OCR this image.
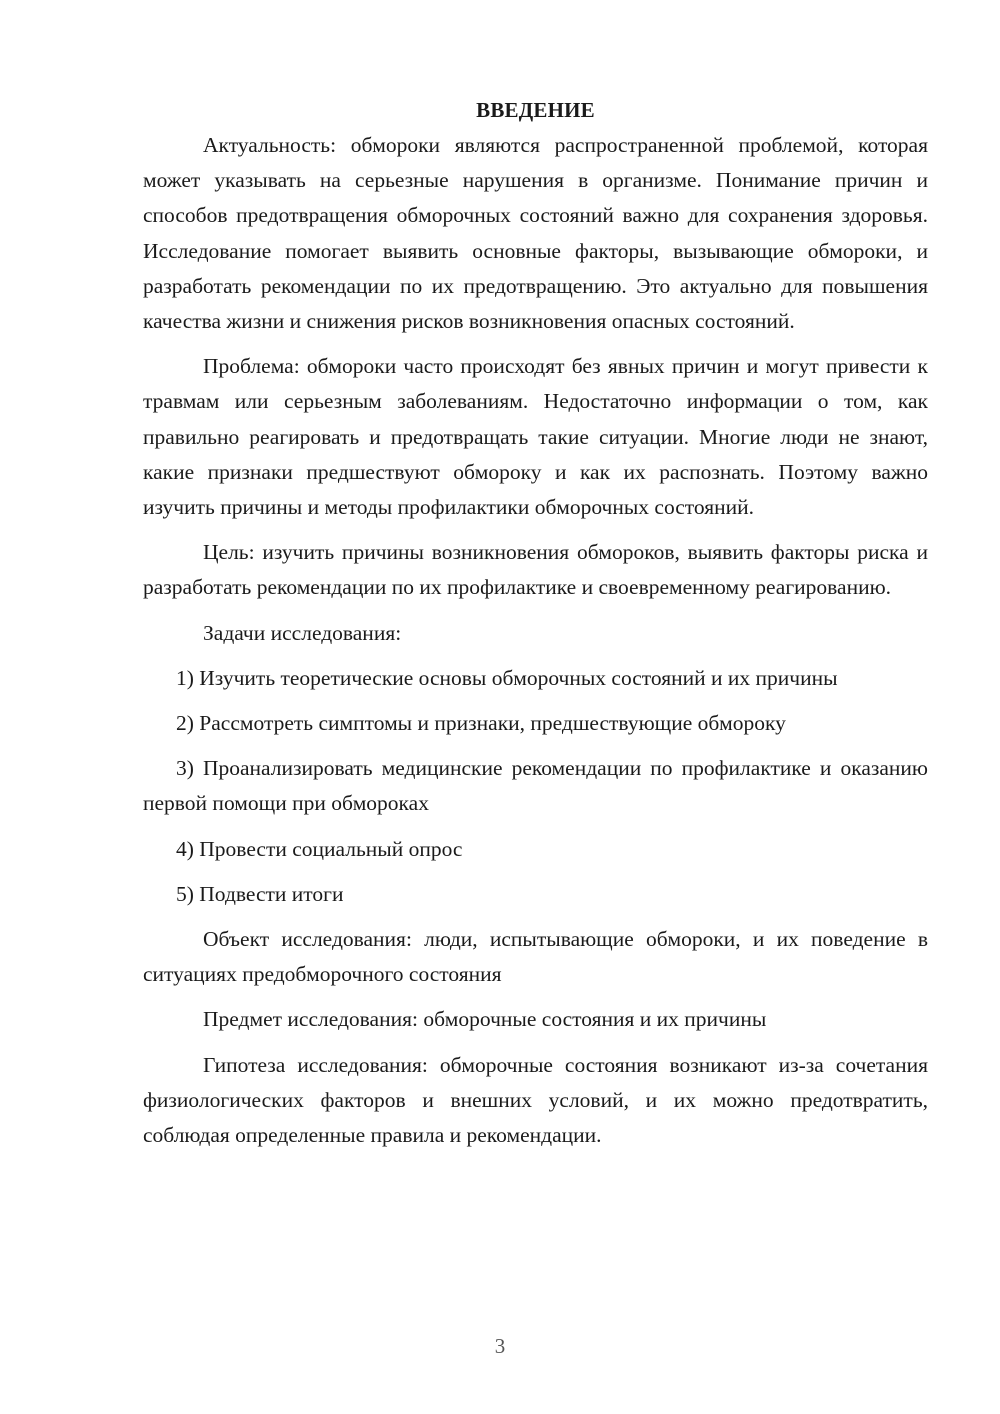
ВВЕДЕНИЕ

Актуальность: обмороки являются распространенной проблемой, которая может указывать на серьезные нарушения в организме. Понимание причин и способов предотвращения обморочных состояний важно для сохранения здоровья. Исследование помогает выявить основные факторы, вызывающие обмороки, и разработать рекомендации по их предотвращению. Это актуально для повышения качества жизни и снижения рисков возникновения опасных состояний.

Проблема: обмороки часто происходят без явных причин и могут привести к травмам или серьезным заболеваниям. Недостаточно информации о том, как правильно реагировать и предотвращать такие ситуации. Многие люди не знают, какие признаки предшествуют обмороку и как их распознать. Поэтому важно изучить причины и методы профилактики обморочных состояний.

Цель: изучить причины возникновения обмороков, выявить факторы риска и разработать рекомендации по их профилактике и своевременному реагированию.

Задачи исследования:

1) Изучить теоретические основы обморочных состояний и их причины

2) Рассмотреть симптомы и признаки, предшествующие обмороку

3) Проанализировать медицинские рекомендации по профилактике и оказанию первой помощи при обмороках

4) Провести социальный опрос

5) Подвести итоги

Объект исследования: люди, испытывающие обмороки, и их поведение в ситуациях предобморочного состояния

Предмет исследования: обморочные состояния и их причины

Гипотеза исследования: обморочные состояния возникают из-за сочетания физиологических факторов и внешних условий, и их можно предотвратить, соблюдая определенные правила и рекомендации.

3
